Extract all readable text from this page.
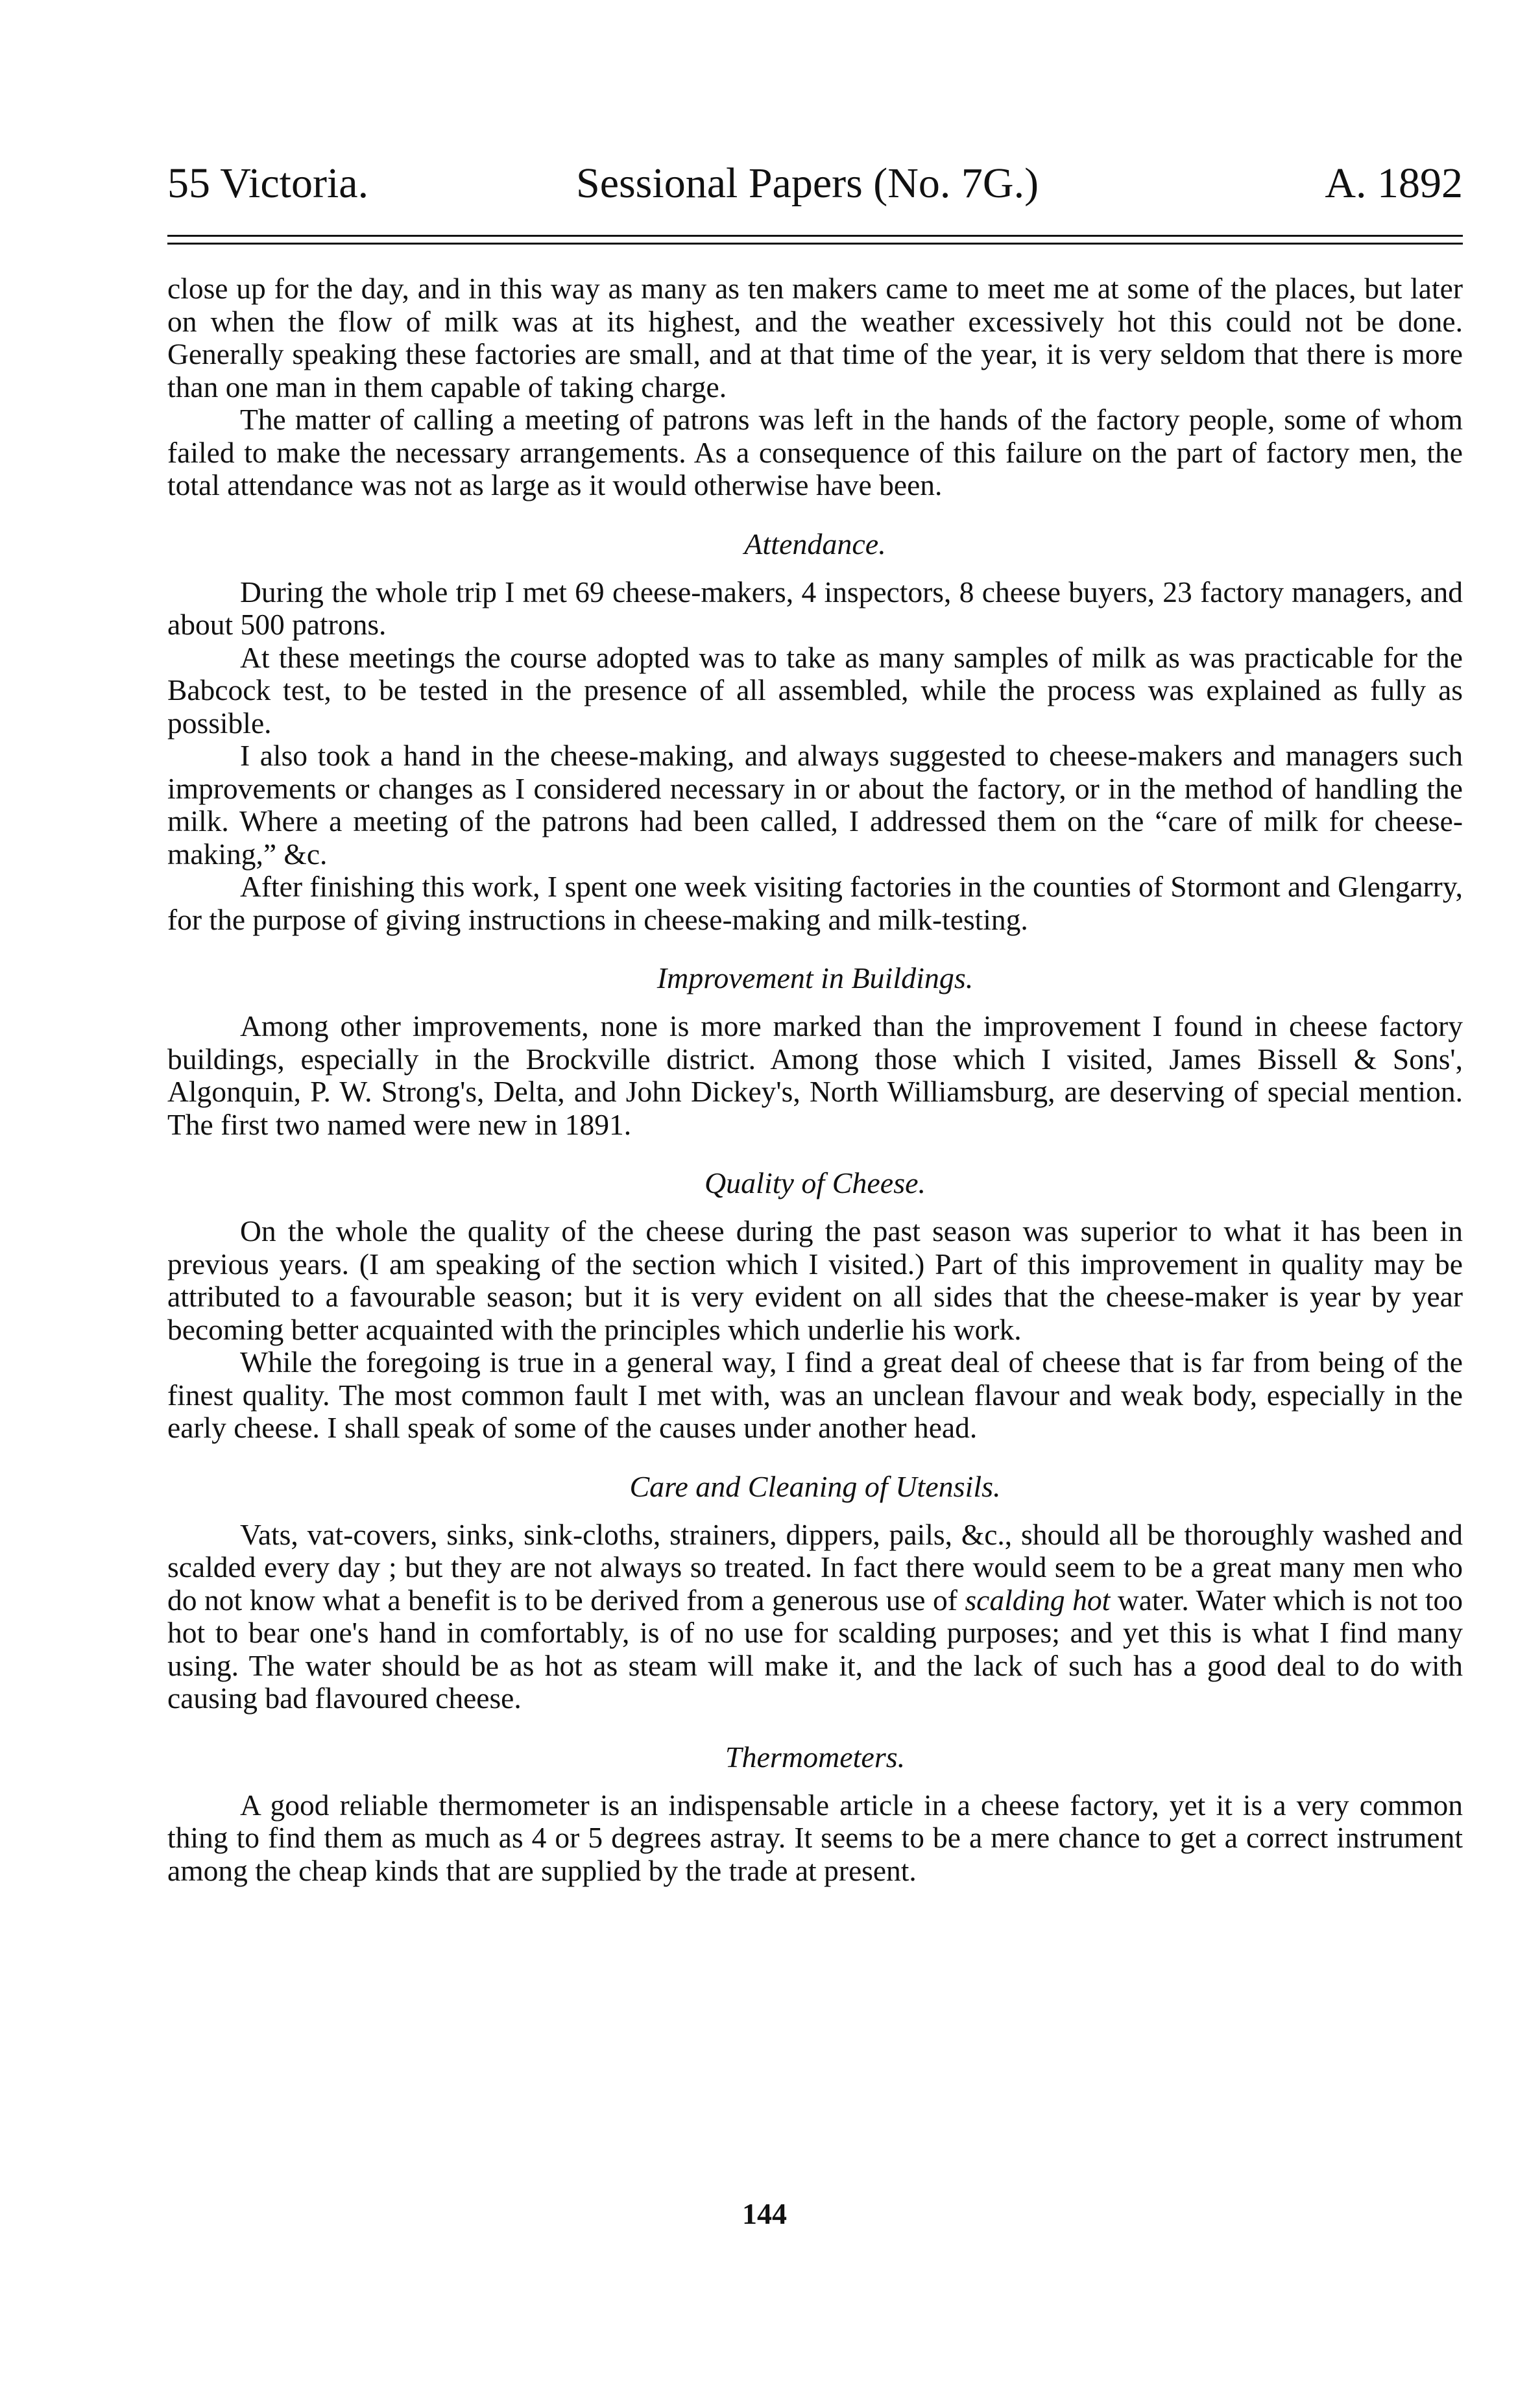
55 Victoria.	Sessional Papers (No. 7G.)	A. 1892

close up for the day, and in this way as many as ten makers came to meet me at some of the places, but later on when the flow of milk was at its highest, and the weather excessively hot this could not be done. Generally speaking these factories are small, and at that time of the year, it is very seldom that there is more than one man in them capable of taking charge.

The matter of calling a meeting of patrons was left in the hands of the factory people, some of whom failed to make the necessary arrangements. As a consequence of this failure on the part of factory men, the total attendance was not as large as it would otherwise have been.

Attendance.

During the whole trip I met 69 cheese-makers, 4 inspectors, 8 cheese buyers, 23 factory managers, and about 500 patrons.

At these meetings the course adopted was to take as many samples of milk as was practicable for the Babcock test, to be tested in the presence of all assembled, while the process was explained as fully as possible.

I also took a hand in the cheese-making, and always suggested to cheese-makers and managers such improvements or changes as I considered necessary in or about the factory, or in the method of handling the milk. Where a meeting of the patrons had been called, I addressed them on the “care of milk for cheese-making,” &c.

After finishing this work, I spent one week visiting factories in the counties of Stormont and Glengarry, for the purpose of giving instructions in cheese-making and milk-testing.

Improvement in Buildings.

Among other improvements, none is more marked than the improvement I found in cheese factory buildings, especially in the Brockville district. Among those which I visited, James Bissell & Sons', Algonquin, P. W. Strong's, Delta, and John Dickey's, North Williamsburg, are deserving of special mention. The first two named were new in 1891.

Quality of Cheese.

On the whole the quality of the cheese during the past season was superior to what it has been in previous years. (I am speaking of the section which I visited.) Part of this improvement in quality may be attributed to a favourable season; but it is very evident on all sides that the cheese-maker is year by year becoming better acquainted with the principles which underlie his work.

While the foregoing is true in a general way, I find a great deal of cheese that is far from being of the finest quality. The most common fault I met with, was an unclean flavour and weak body, especially in the early cheese. I shall speak of some of the causes under another head.

Care and Cleaning of Utensils.

Vats, vat-covers, sinks, sink-cloths, strainers, dippers, pails, &c., should all be thoroughly washed and scalded every day ; but they are not always so treated. In fact there would seem to be a great many men who do not know what a benefit is to be derived from a generous use of scalding hot water. Water which is not too hot to bear one's hand in comfortably, is of no use for scalding purposes; and yet this is what I find many using. The water should be as hot as steam will make it, and the lack of such has a good deal to do with causing bad flavoured cheese.

Thermometers.

A good reliable thermometer is an indispensable article in a cheese factory, yet it is a very common thing to find them as much as 4 or 5 degrees astray. It seems to be a mere chance to get a correct instrument among the cheap kinds that are supplied by the trade at present.

144
